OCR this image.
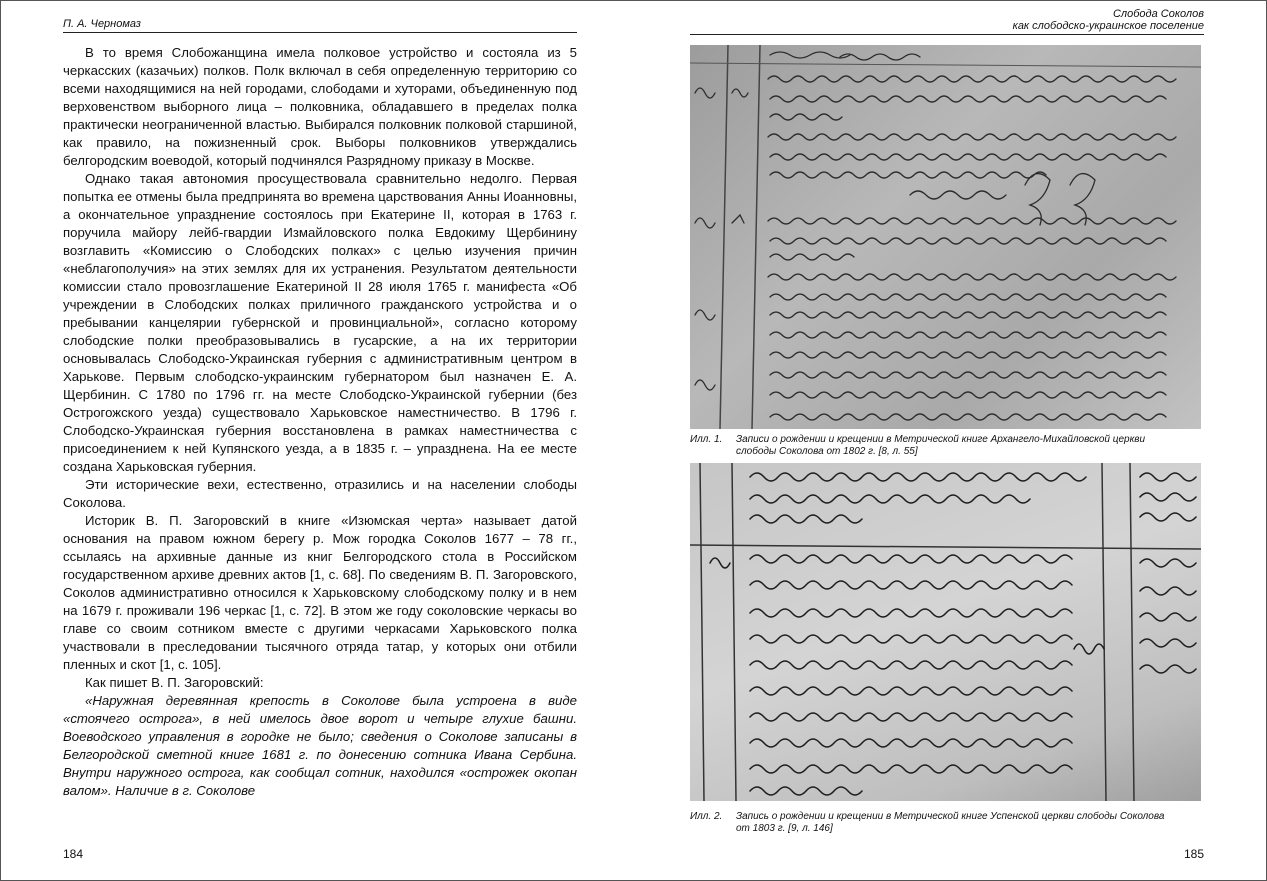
П. А. Черномаз

В то время Слобожанщина имела полковое устройство и состояла из 5 черкасских (казачьих) полков. Полк включал в себя определенную территорию со всеми находящимися на ней городами, слободами и хуторами, объединенную под верховенством выборного лица – полковника, обладавшего в пределах полка практически неограниченной властью. Выбирался полковник полковой старшиной, как правило, на пожизненный срок. Выборы полковников утверждались белгородским воеводой, который подчинялся Разрядному приказу в Москве.

Однако такая автономия просуществовала сравнительно недолго. Первая попытка ее отмены была предпринята во времена царствования Анны Иоанновны, а окончательное упразднение состоялось при Екатерине II, которая в 1763 г. поручила майору лейб-гвардии Измайловского полка Евдокиму Щербинину возглавить «Комиссию о Слободских полках» с целью изучения причин «неблагополучия» на этих землях для их устранения. Результатом деятельности комиссии стало провозглашение Екатериной II 28 июля 1765 г. манифеста «Об учреждении в Слободских полках приличного гражданского устройства и о пребывании канцелярии губернской и провинциальной», согласно которому слободские полки преобразовывались в гусарские, а на их территории основывалась Слободско-Украинская губерния с административным центром в Харькове. Первым слободско-украинским губернатором был назначен Е. А. Щербинин. С 1780 по 1796 гг. на месте Слободско-Украинской губернии (без Острогожского уезда) существовало Харьковское наместничество. В 1796 г. Слободско-Украинская губерния восстановлена в рамках наместничества с присоединением к ней Купянского уезда, а в 1835 г. – упразднена. На ее месте создана Харьковская губерния.

Эти исторические вехи, естественно, отразились и на населении слободы Соколова.

Историк В. П. Загоровский в книге «Изюмская черта» называет датой основания на правом южном берегу р. Мож городка Соколов 1677 – 78 гг., ссылаясь на архивные данные из книг Белгородского стола в Российском государственном архиве древних актов [1, с. 68]. По сведениям В. П. Загоровского, Соколов административно относился к Харьковскому слободскому полку и в нем на 1679 г. проживали 196 черкас [1, с. 72]. В этом же году соколовские черкасы во главе со своим сотником вместе с другими черкасами Харьковского полка участвовали в преследовании тысячного отряда татар, у которых они отбили пленных и скот [1, с. 105].

Как пишет В. П. Загоровский:

«Наружная деревянная крепость в Соколове была устроена в виде «стоячего острога», в ней имелось двое ворот и четыре глухие башни. Воеводского управления в городке не было; сведения о Соколове записаны в Белгородской сметной книге 1681 г. по донесению сотника Ивана Сербина. Внутри наружного острога, как сообщал сотник, находился «острожек окопан валом». Наличие в г. Соколове

184
Слобода Соколов
как слободско-украинское поселение
Илл. 1. Записи о рождении и крещении в Метрической книге Архангело-Михайловской церкви слободы Соколова от 1802 г. [8, л. 55]
Илл. 2. Запись о рождении и крещении в Метрической книге Успенской церкви слободы Соколова от 1803 г. [9, л. 146]
185
